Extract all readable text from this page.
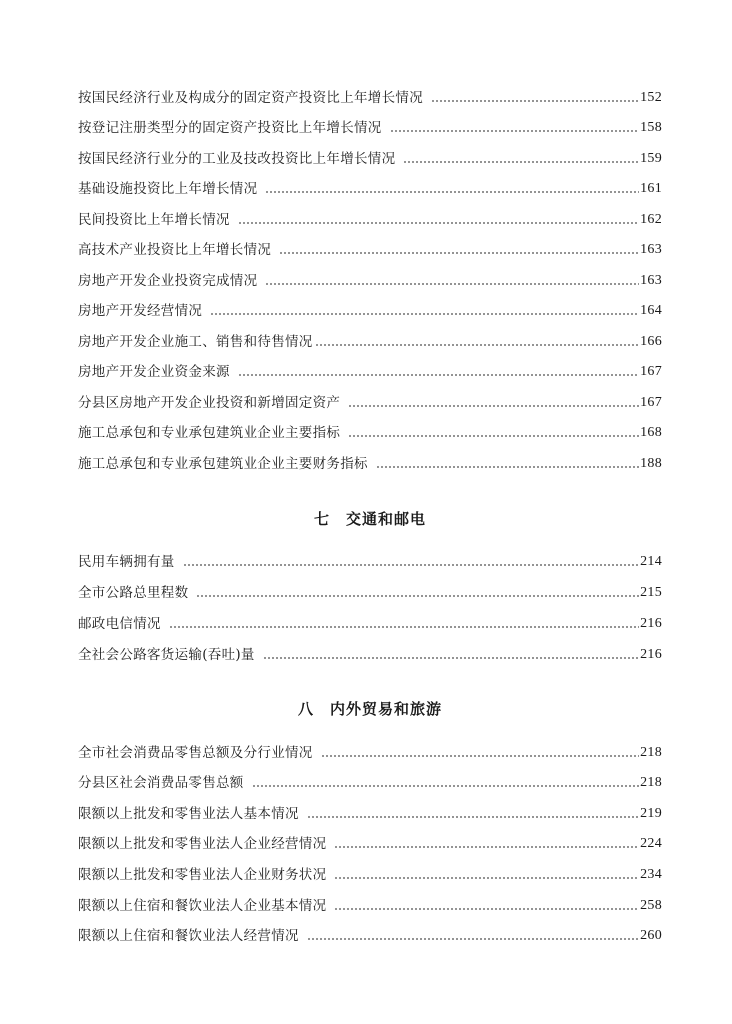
按国民经济行业及构成分的固定资产投资比上年增长情况	152
按登记注册类型分的固定资产投资比上年增长情况	158
按国民经济行业分的工业及技改投资比上年增长情况	159
基础设施投资比上年增长情况	161
民间投资比上年增长情况	162
高技术产业投资比上年增长情况	163
房地产开发企业投资完成情况	163
房地产开发经营情况	164
房地产开发企业施工、销售和待售情况	166
房地产开发企业资金来源	167
分县区房地产开发企业投资和新增固定资产	167
施工总承包和专业承包建筑业企业主要指标	168
施工总承包和专业承包建筑业企业主要财务指标	188
七 交通和邮电
民用车辆拥有量	214
全市公路总里程数	215
邮政电信情况	216
全社会公路客货运输(吞吐)量	216
八 内外贸易和旅游
全市社会消费品零售总额及分行业情况	218
分县区社会消费品零售总额	218
限额以上批发和零售业法人基本情况	219
限额以上批发和零售业法人企业经营情况	224
限额以上批发和零售业法人企业财务状况	234
限额以上住宿和餐饮业法人企业基本情况	258
限额以上住宿和餐饮业法人经营情况	260
